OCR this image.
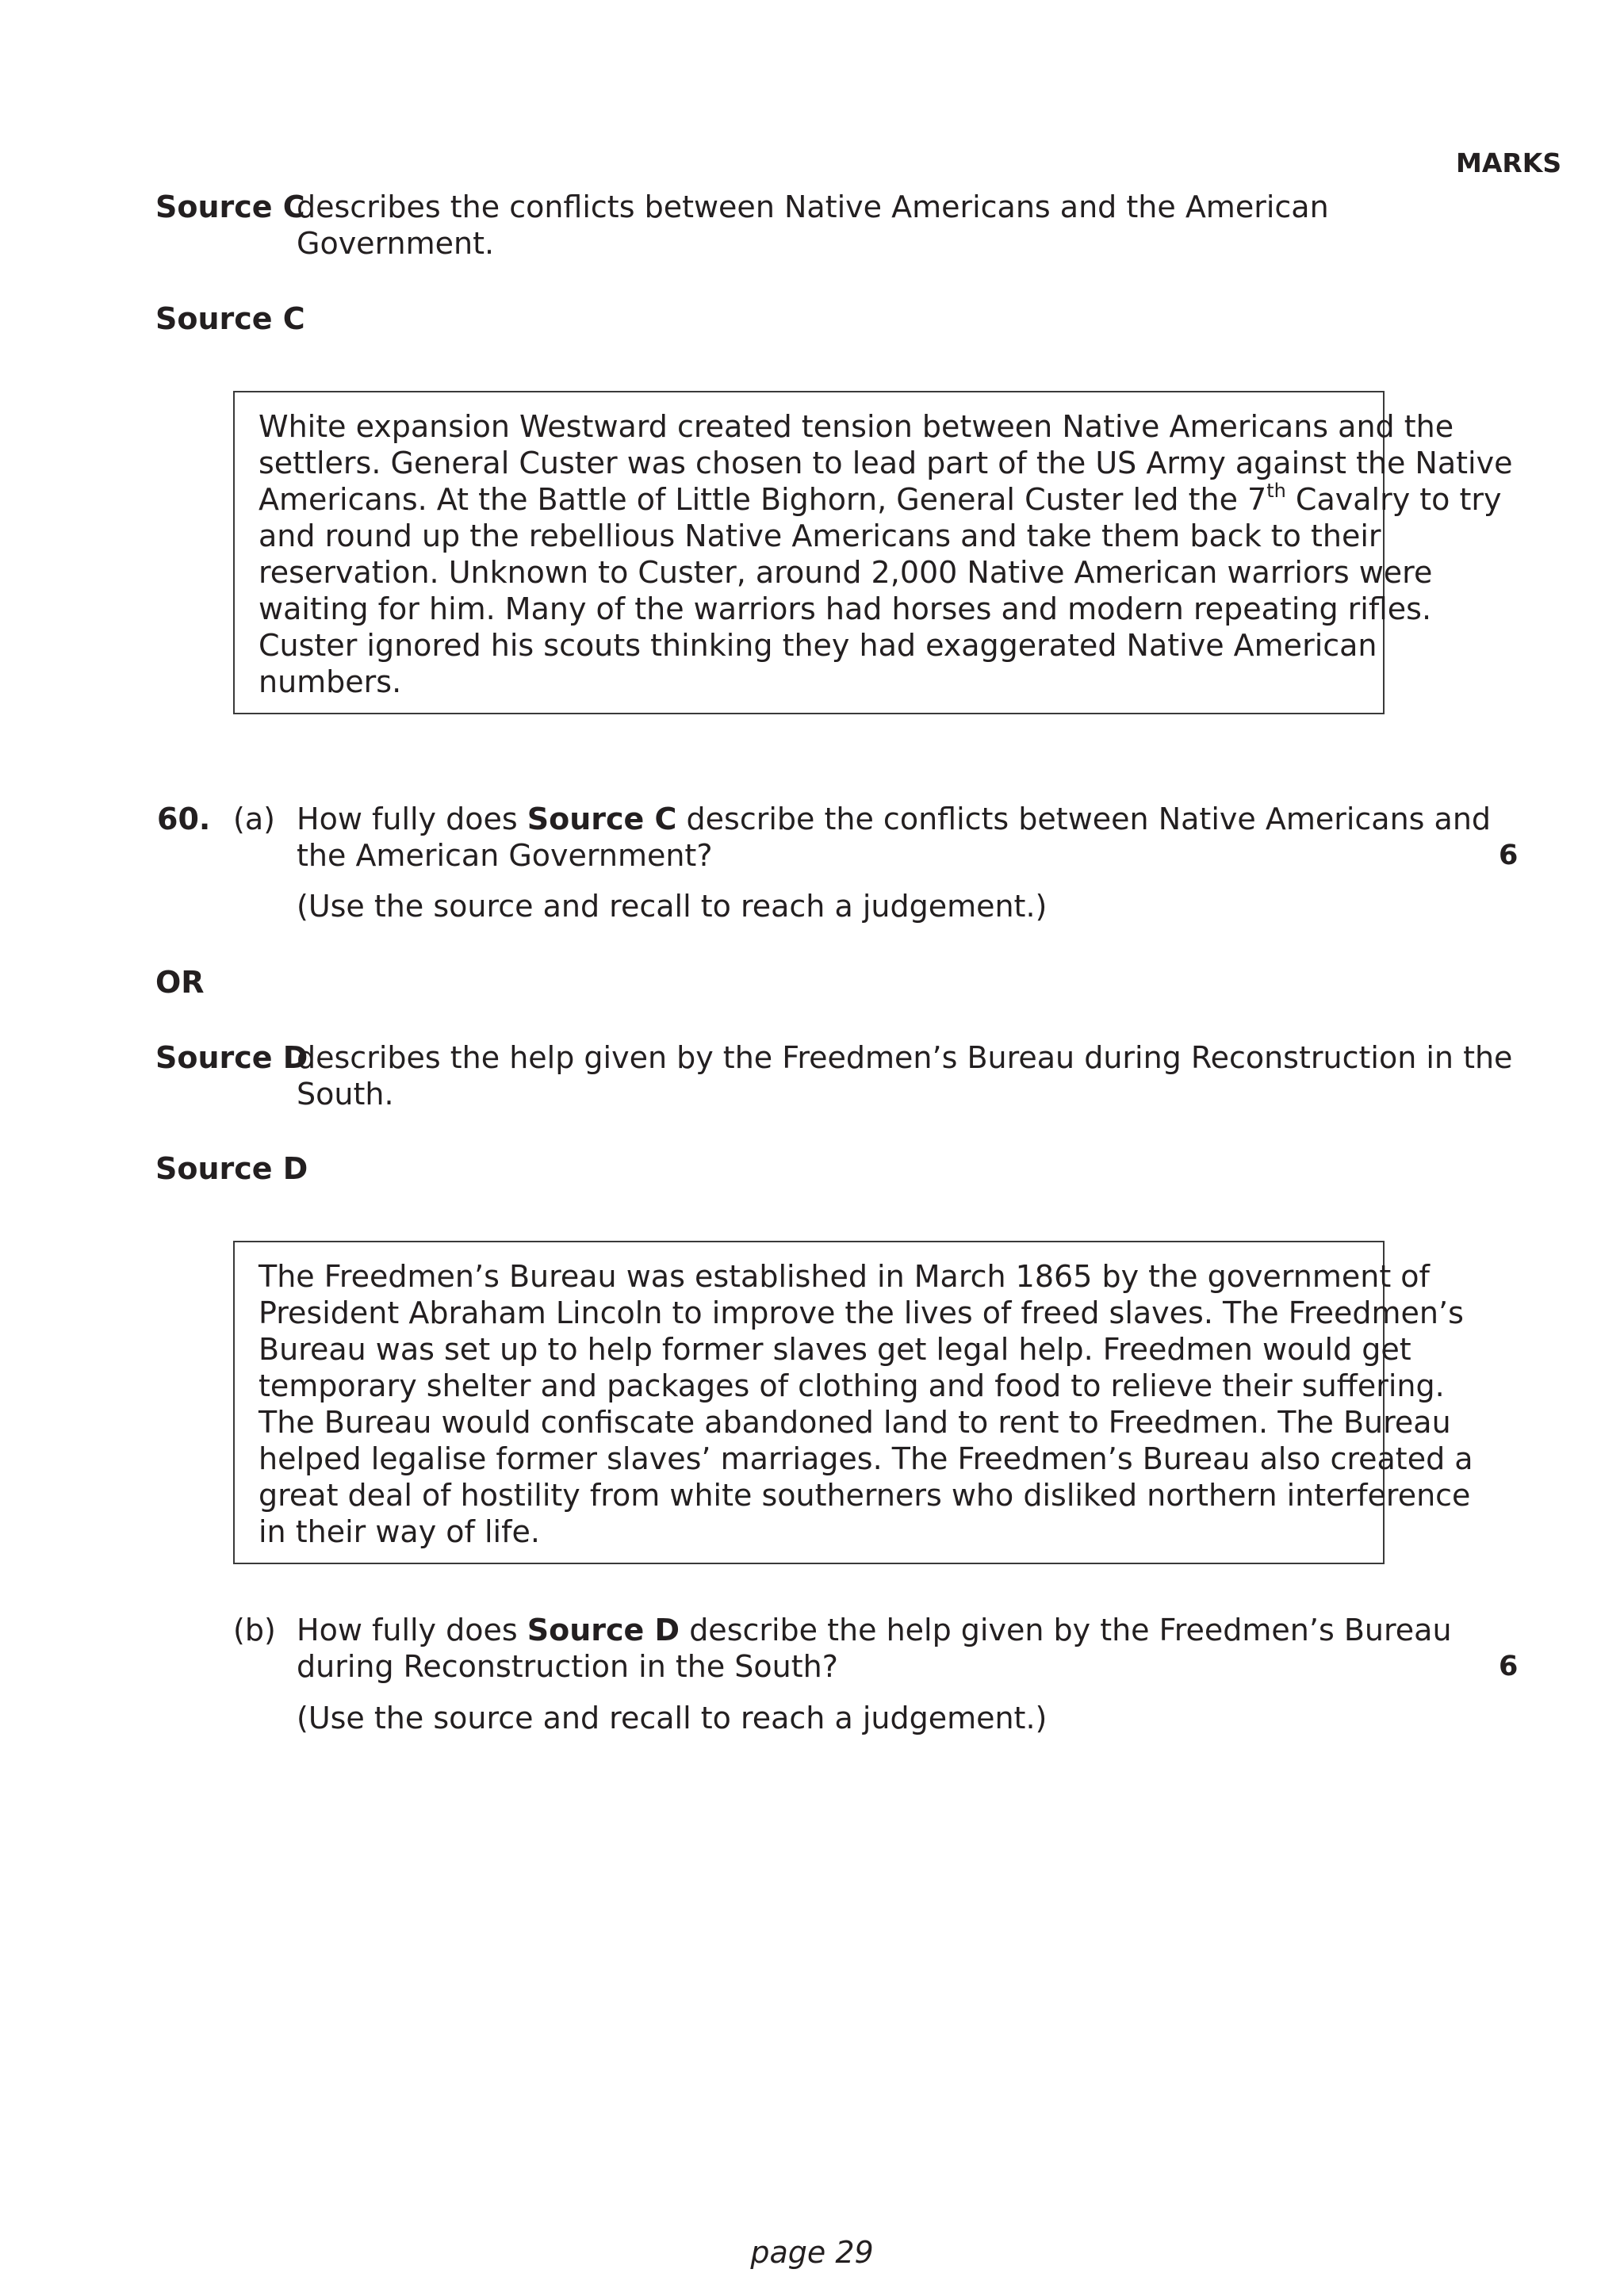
MARKS
Source C
describes the conflicts between Native Americans and the American
Government.
Source C
White expansion Westward created tension between Native Americans and the
settlers. General Custer was chosen to lead part of the US Army against the Native
Americans. At the Battle of Little Bighorn, General Custer led the 7th Cavalry to try
and round up the rebellious Native Americans and take them back to their
reservation. Unknown to Custer, around 2,000 Native American warriors were
waiting for him. Many of the warriors had horses and modern repeating rifles.
Custer ignored his scouts thinking they had exaggerated Native American
numbers.
60. (a) How fully does Source C describe the conflicts between Native Americans and
the American Government?	6
(Use the source and recall to reach a judgement.)
OR
Source D
describes the help given by the Freedmen’s Bureau during Reconstruction in the
South.
Source D
The Freedmen’s Bureau was established in March 1865 by the government of
President Abraham Lincoln to improve the lives of freed slaves. The Freedmen’s
Bureau was set up to help former slaves get legal help. Freedmen would get
temporary shelter and packages of clothing and food to relieve their suffering.
The Bureau would confiscate abandoned land to rent to Freedmen. The Bureau
helped legalise former slaves’ marriages. The Freedmen’s Bureau also created a
great deal of hostility from white southerners who disliked northern interference
in their way of life.
(b) How fully does Source D describe the help given by the Freedmen’s Bureau
during Reconstruction in the South?	6
(Use the source and recall to reach a judgement.)
page 29
